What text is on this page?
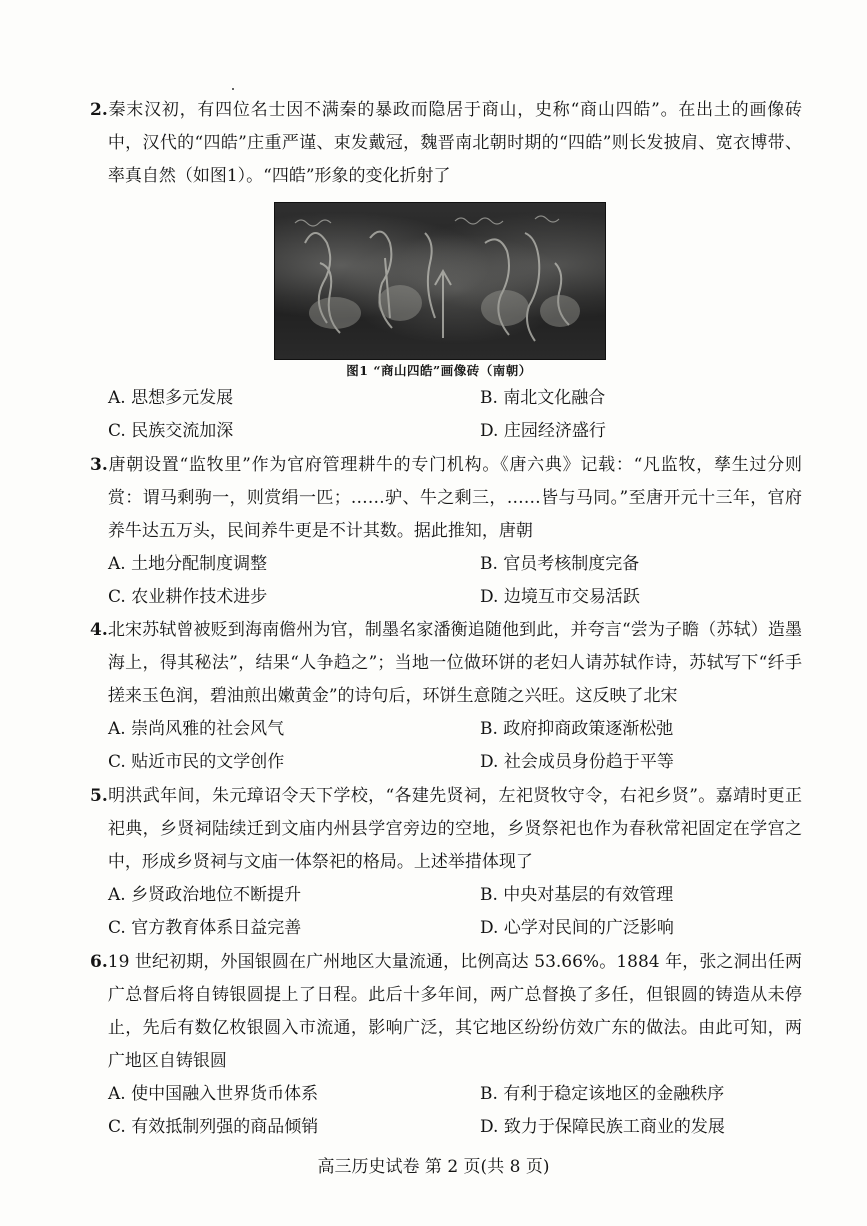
2.秦末汉初，有四位名士因不满秦的暴政而隐居于商山，史称“商山四皓”。在出土的画像砖中，汉代的“四皓”庄重严谨、束发戴冠，魏晋南北朝时期的“四皓”则长发披肩、宽衣博带、率真自然（如图1）。“四皓”形象的变化折射了

图1 “商山四皓”画像砖（南朝）
A. 思想多元发展	B. 南北文化融合
C. 民族交流加深	D. 庄园经济盛行

3.唐朝设置“监牧里”作为官府管理耕牛的专门机构。《唐六典》记载：“凡监牧，孳生过分则赏：谓马剩驹一，则赏绢一匹；……驴、牛之剩三，……皆与马同。”至唐开元十三年，官府养牛达五万头，民间养牛更是不计其数。据此推知，唐朝

A. 土地分配制度调整	B. 官员考核制度完备
C. 农业耕作技术进步	D. 边境互市交易活跃

4.北宋苏轼曾被贬到海南儋州为官，制墨名家潘衡追随他到此，并夸言“尝为子瞻（苏轼）造墨海上，得其秘法”，结果“人争趋之”；当地一位做环饼的老妇人请苏轼作诗，苏轼写下“纤手搓来玉色润，碧油煎出嫩黄金”的诗句后，环饼生意随之兴旺。这反映了北宋

A. 崇尚风雅的社会风气	B. 政府抑商政策逐渐松弛
C. 贴近市民的文学创作	D. 社会成员身份趋于平等

5.明洪武年间，朱元璋诏令天下学校，“各建先贤祠，左祀贤牧守令，右祀乡贤”。嘉靖时更正祀典，乡贤祠陆续迁到文庙内州县学宫旁边的空地，乡贤祭祀也作为春秋常祀固定在学宫之中，形成乡贤祠与文庙一体祭祀的格局。上述举措体现了

A. 乡贤政治地位不断提升	B. 中央对基层的有效管理
C. 官方教育体系日益完善	D. 心学对民间的广泛影响

6.19 世纪初期，外国银圆在广州地区大量流通，比例高达 53.66%。1884 年，张之洞出任两广总督后将自铸银圆提上了日程。此后十多年间，两广总督换了多任，但银圆的铸造从未停止，先后有数亿枚银圆入市流通，影响广泛，其它地区纷纷仿效广东的做法。由此可知，两广地区自铸银圆

A. 使中国融入世界货币体系	B. 有利于稳定该地区的金融秩序
C. 有效抵制列强的商品倾销	D. 致力于保障民族工商业的发展
高三历史试卷 第 2 页(共 8 页)
